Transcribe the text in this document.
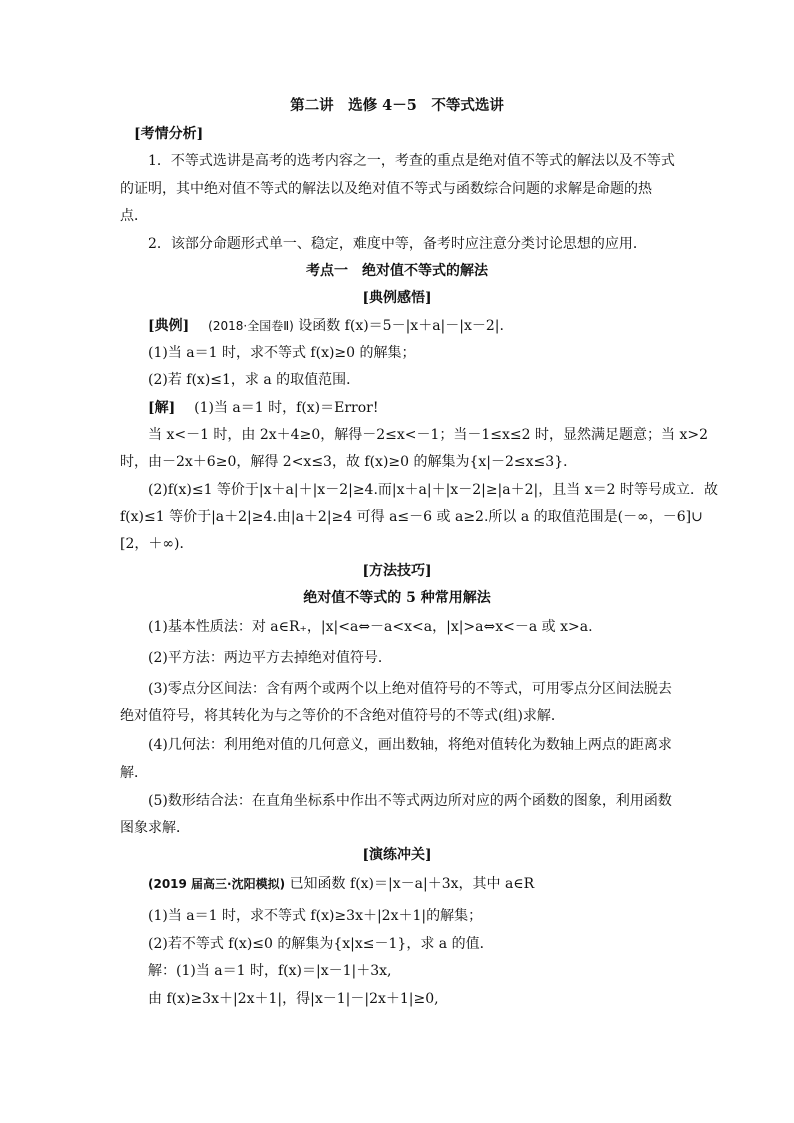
第二讲　选修 4－5　不等式选讲
[考情分析]
1．不等式选讲是高考的选考内容之一，考查的重点是绝对值不等式的解法以及不等式
的证明，其中绝对值不等式的解法以及绝对值不等式与函数综合问题的求解是命题的热
点．
2．该部分命题形式单一、稳定，难度中等，备考时应注意分类讨论思想的应用．
考点一　绝对值不等式的解法
[典例感悟]
[典例] (2018·全国卷Ⅱ) 设函数 f(x)＝5－|x＋a|－|x－2|.
(1)当 a＝1 时，求不等式 f(x)≥0 的解集；
(2)若 f(x)≤1，求 a 的取值范围．
[解] (1)当 a＝1 时，f(x)＝Error!
当 x<－1 时，由 2x＋4≥0，解得－2≤x<－1；当－1≤x≤2 时，显然满足题意；当 x>2
时，由－2x＋6≥0，解得 2<x≤3，故 f(x)≥0 的解集为{x|－2≤x≤3}．
(2)f(x)≤1 等价于|x＋a|＋|x－2|≥4.而|x＋a|＋|x－2|≥|a＋2|，且当 x＝2 时等号成立．故
f(x)≤1 等价于|a＋2|≥4.由|a＋2|≥4 可得 a≤－6 或 a≥2.所以 a 的取值范围是(－∞，－6]∪
[2，＋∞)．
[方法技巧]
绝对值不等式的 5 种常用解法
(1)基本性质法：对 a∈R₊，|x|<a⇔－a<x<a，|x|>a⇔x<－a 或 x>a.
(2)平方法：两边平方去掉绝对值符号．
(3)零点分区间法：含有两个或两个以上绝对值符号的不等式，可用零点分区间法脱去
绝对值符号，将其转化为与之等价的不含绝对值符号的不等式(组)求解．
(4)几何法：利用绝对值的几何意义，画出数轴，将绝对值转化为数轴上两点的距离求
解．
(5)数形结合法：在直角坐标系中作出不等式两边所对应的两个函数的图象，利用函数
图象求解．
[演练冲关]
(2019 届高三·沈阳模拟) 已知函数 f(x)＝|x－a|＋3x，其中 a∈R
(1)当 a＝1 时，求不等式 f(x)≥3x＋|2x＋1|的解集；
(2)若不等式 f(x)≤0 的解集为{x|x≤－1}，求 a 的值．
解：(1)当 a＝1 时，f(x)＝|x－1|＋3x,
由 f(x)≥3x＋|2x＋1|，得|x－1|－|2x＋1|≥0,
